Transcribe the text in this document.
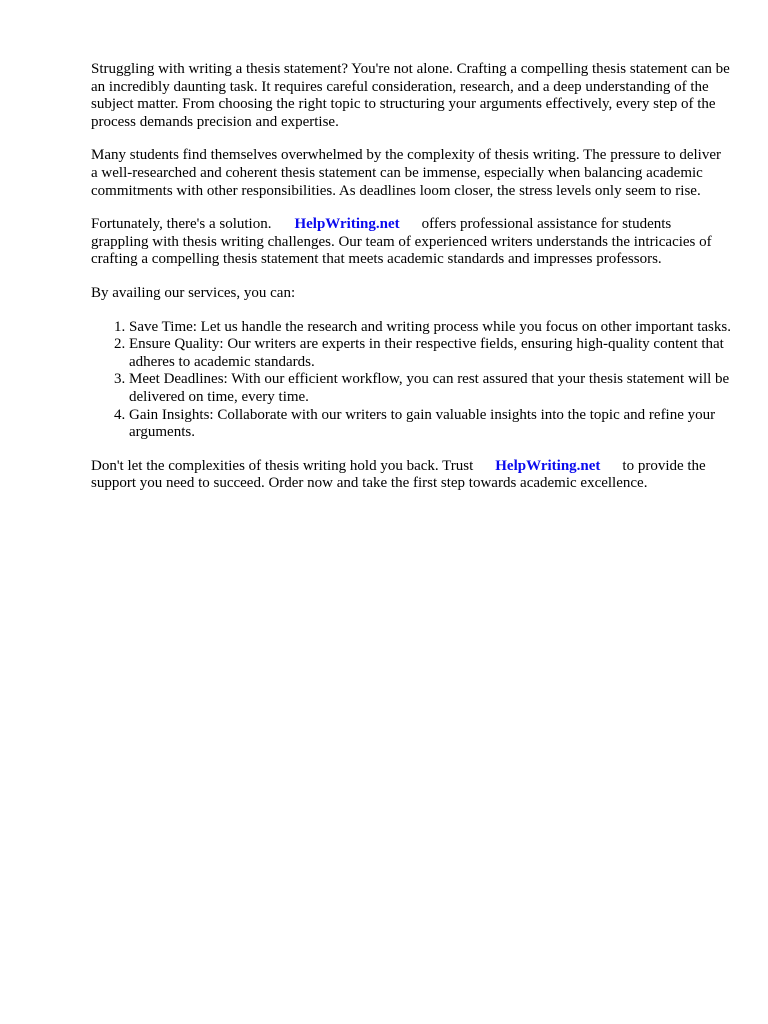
Struggling with writing a thesis statement? You're not alone. Crafting a compelling thesis statement can be an incredibly daunting task. It requires careful consideration, research, and a deep understanding of the subject matter. From choosing the right topic to structuring your arguments effectively, every step of the process demands precision and expertise.

Many students find themselves overwhelmed by the complexity of thesis writing. The pressure to deliver a well-researched and coherent thesis statement can be immense, especially when balancing academic commitments with other responsibilities. As deadlines loom closer, the stress levels only seem to rise.

Fortunately, there's a solution. HelpWriting.net offers professional assistance for students grappling with thesis writing challenges. Our team of experienced writers understands the intricacies of crafting a compelling thesis statement that meets academic standards and impresses professors.

By availing our services, you can:

1. Save Time: Let us handle the research and writing process while you focus on other important tasks.
2. Ensure Quality: Our writers are experts in their respective fields, ensuring high-quality content that adheres to academic standards.
3. Meet Deadlines: With our efficient workflow, you can rest assured that your thesis statement will be delivered on time, every time.
4. Gain Insights: Collaborate with our writers to gain valuable insights into the topic and refine your arguments.

Don't let the complexities of thesis writing hold you back. Trust HelpWriting.net to provide the support you need to succeed. Order now and take the first step towards academic excellence.
